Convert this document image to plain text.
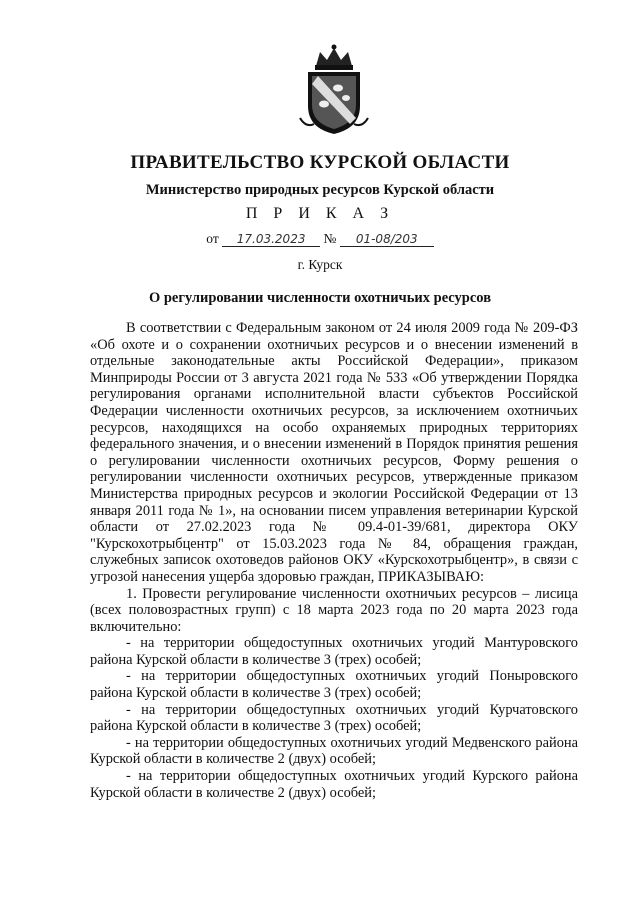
ПРАВИТЕЛЬСТВО КУРСКОЙ ОБЛАСТИ
Министерство природных ресурсов Курской области
П Р И К А З
от 17.03.2023 № 01-08/203
г. Курск
О регулировании численности охотничьих ресурсов

В соответствии с Федеральным законом от 24 июля 2009 года № 209-ФЗ «Об охоте и о сохранении охотничьих ресурсов и о внесении изменений в отдельные законодательные акты Российской Федерации», приказом Минприроды России от 3 августа 2021 года № 533 «Об утверждении Порядка регулирования органами исполнительной власти субъектов Российской Федерации численности охотничьих ресурсов, за исключением охотничьих ресурсов, находящихся на особо охраняемых природных территориях федерального значения, и о внесении изменений в Порядок принятия решения о регулировании численности охотничьих ресурсов, Форму решения о регулировании численности охотничьих ресурсов, утвержденные приказом Министерства природных ресурсов и экологии Российской Федерации от 13 января 2011 года № 1», на основании писем управления ветеринарии Курской области от 27.02.2023 года № 09.4-01-39/681, директора ОКУ "Курскохотрыбцентр" от 15.03.2023 года № 84, обращения граждан, служебных записок охотоведов районов ОКУ «Курскохотрыбцентр», в связи с угрозой нанесения ущерба здоровью граждан, ПРИКАЗЫВАЮ:

1. Провести регулирование численности охотничьих ресурсов – лисица (всех половозрастных групп) с 18 марта 2023 года по 20 марта 2023 года включительно:

- на территории общедоступных охотничьих угодий Мантуровского района Курской области в количестве 3 (трех) особей;

- на территории общедоступных охотничьих угодий Поныровского района Курской области в количестве 3 (трех) особей;

- на территории общедоступных охотничьих угодий Курчатовского района Курской области в количестве 3 (трех) особей;

- на территории общедоступных охотничьих угодий Медвенского района Курской области в количестве 2 (двух) особей;

- на территории общедоступных охотничьих угодий Курского района Курской области в количестве 2 (двух) особей;
